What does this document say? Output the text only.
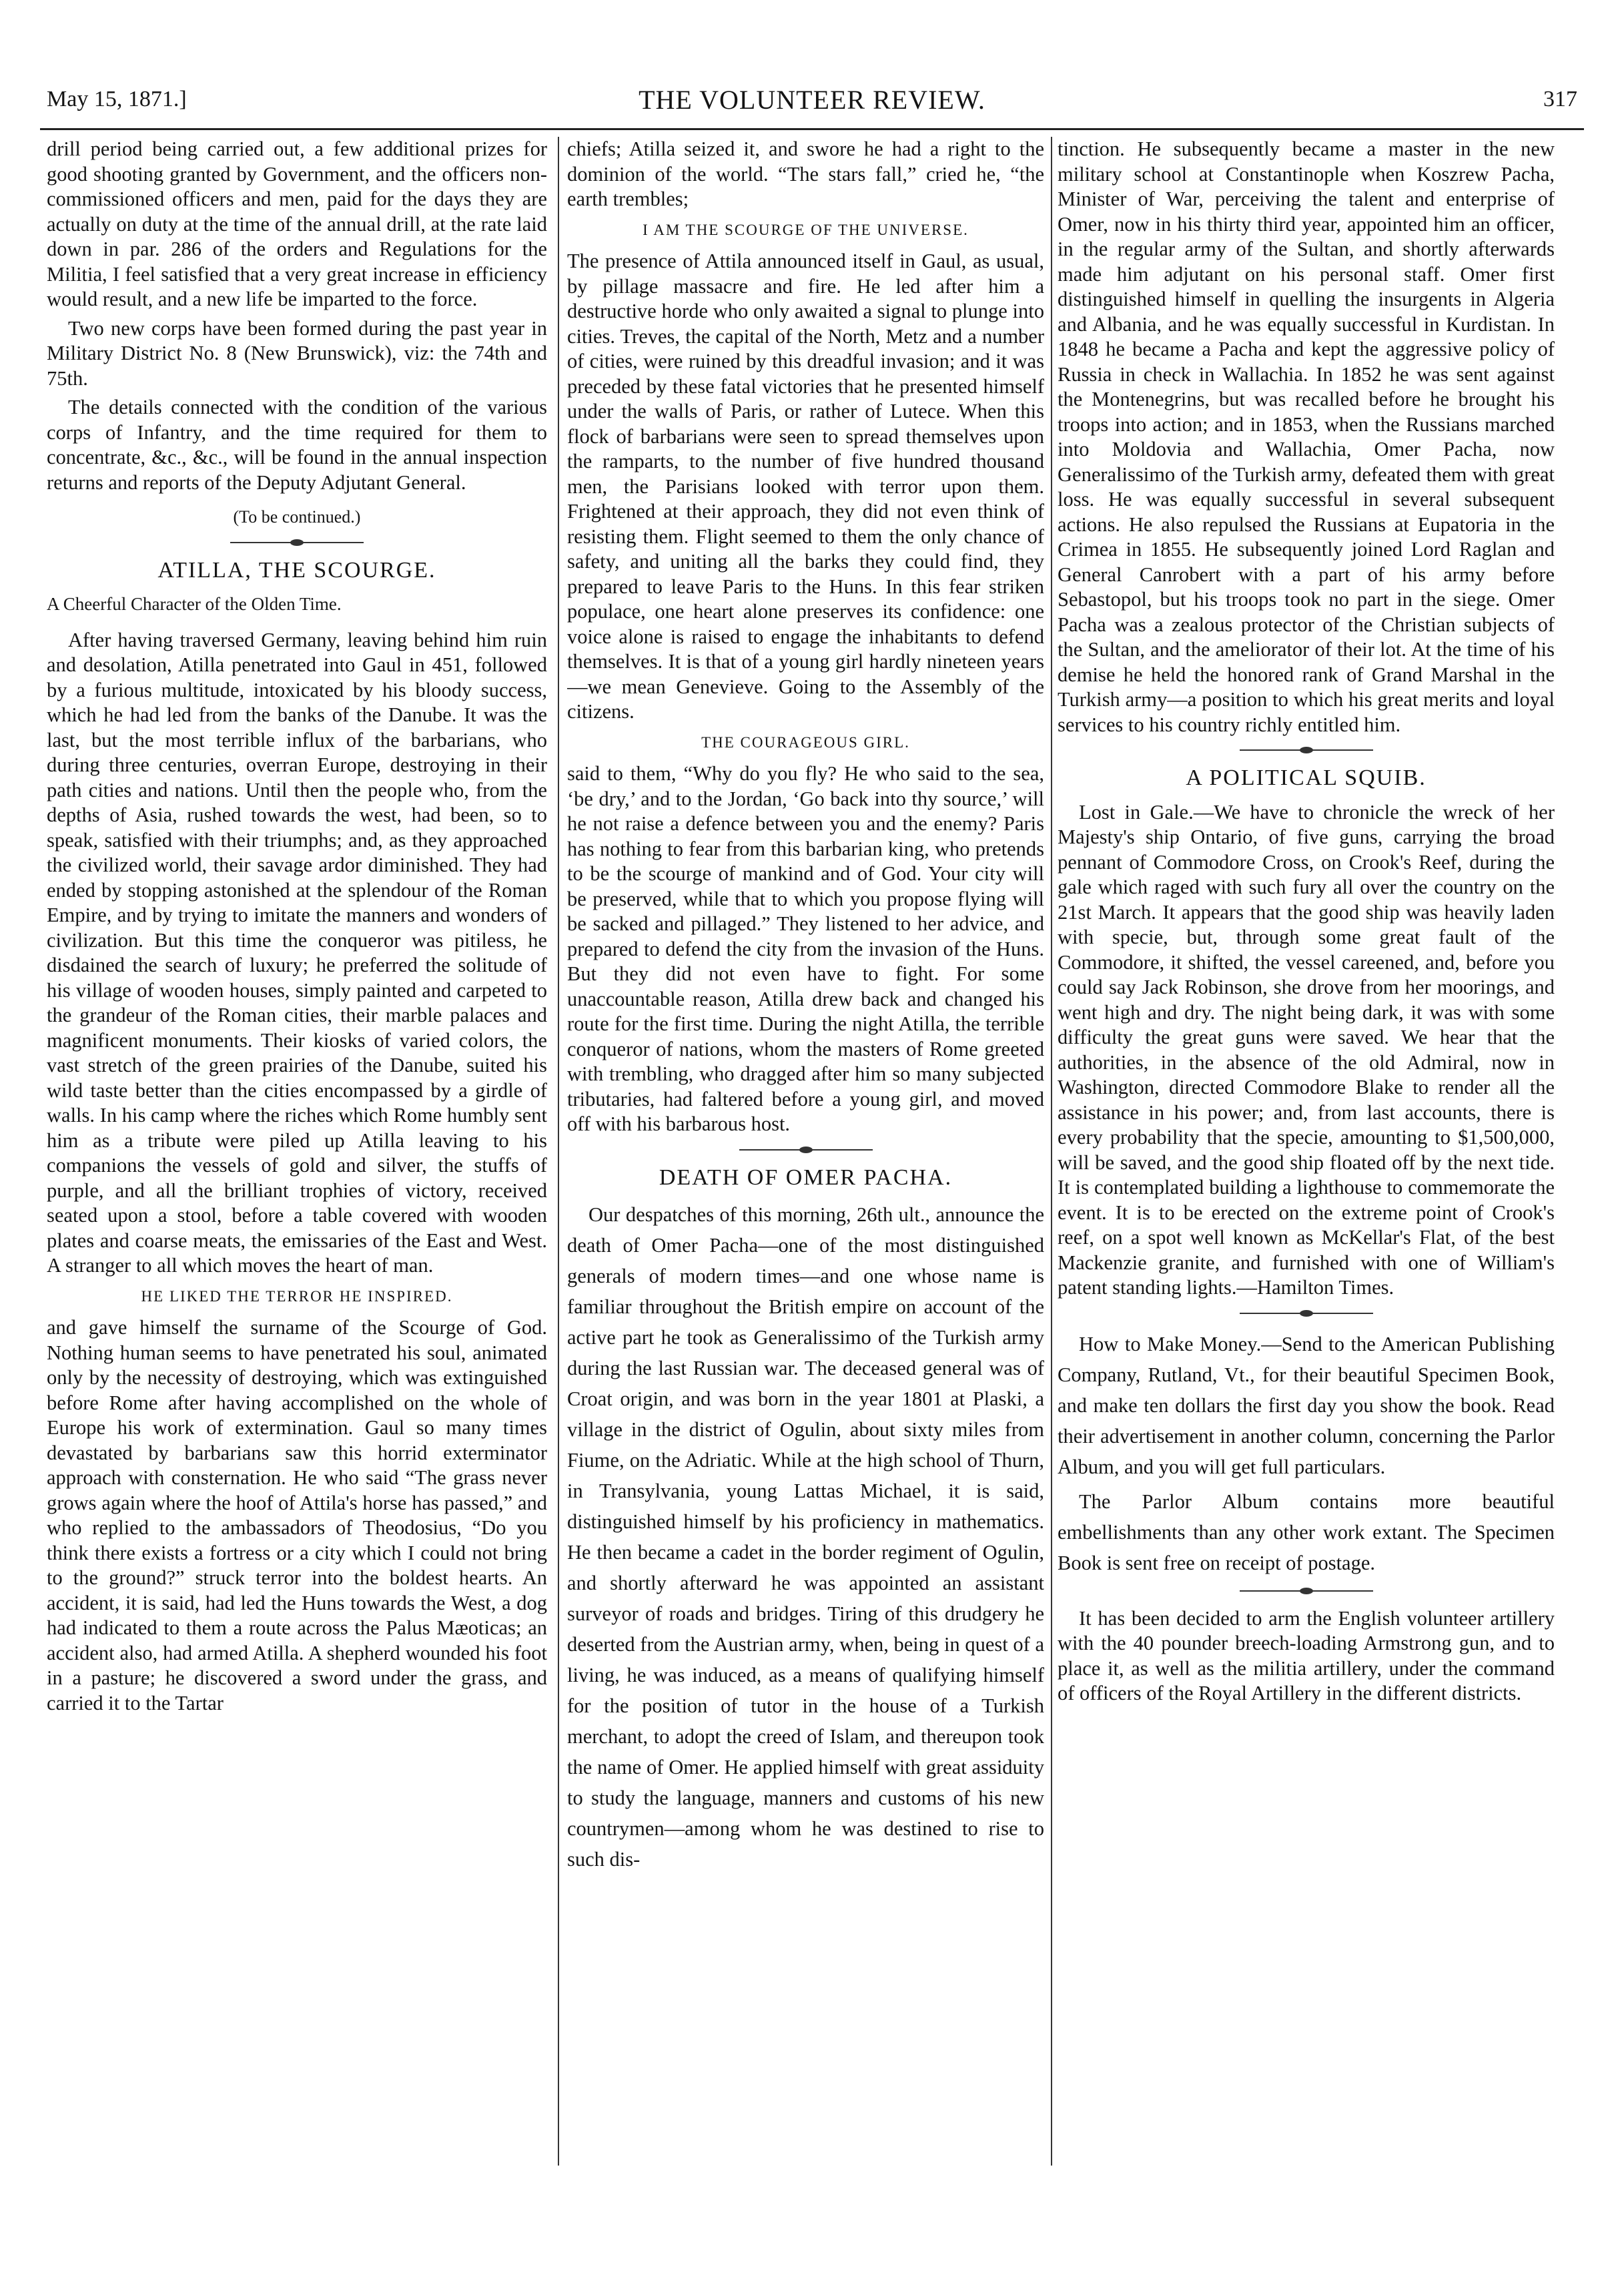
May 15, 1871.]	THE VOLUNTEER REVIEW.	317

drill period being carried out, a few additional prizes for good shooting granted by Government, and the officers non-commissioned officers and men, paid for the days they are actually on duty at the time of the annual drill, at the rate laid down in par. 286 of the orders and Regulations for the Militia, I feel satisfied that a very great increase in efficiency would result, and a new life be imparted to the force.

Two new corps have been formed during the past year in Military District No. 8 (New Brunswick), viz: the 74th and 75th.

The details connected with the condition of the various corps of Infantry, and the time required for them to concentrate, &c., &c., will be found in the annual inspection returns and reports of the Deputy Adjutant General.

(To be continued.)
ATILLA, THE SCOURGE.
A Cheerful Character of the Olden Time.

After having traversed Germany, leaving behind him ruin and desolation, Atilla penetrated into Gaul in 451, followed by a furious multitude, intoxicated by his bloody success, which he had led from the banks of the Danube. It was the last, but the most terrible influx of the barbarians, who during three centuries, overran Europe, destroying in their path cities and nations. Until then the people who, from the depths of Asia, rushed towards the west, had been, so to speak, satisfied with their triumphs; and, as they approached the civilized world, their savage ardor diminished. They had ended by stopping astonished at the splendour of the Roman Empire, and by trying to imitate the manners and wonders of civilization. But this time the conqueror was pitiless, he disdained the search of luxury; he preferred the solitude of his village of wooden houses, simply painted and carpeted to the grandeur of the Roman cities, their marble palaces and magnificent monuments. Their kiosks of varied colors, the vast stretch of the green prairies of the Danube, suited his wild taste better than the cities encompassed by a girdle of walls. In his camp where the riches which Rome humbly sent him as a tribute were piled up Atilla leaving to his companions the vessels of gold and silver, the stuffs of purple, and all the brilliant trophies of victory, received seated upon a stool, before a table covered with wooden plates and coarse meats, the emissaries of the East and West. A stranger to all which moves the heart of man.

HE LIKED THE TERROR HE INSPIRED.

and gave himself the surname of the Scourge of God. Nothing human seems to have penetrated his soul, animated only by the necessity of destroying, which was extinguished before Rome after having accomplished on the whole of Europe his work of extermination. Gaul so many times devastated by barbarians saw this horrid exterminator approach with consternation. He who said “The grass never grows again where the hoof of Attila's horse has passed,” and who replied to the ambassadors of Theodosius, “Do you think there exists a fortress or a city which I could not bring to the ground?” struck terror into the boldest hearts. An accident, it is said, had led the Huns towards the West, a dog had indicated to them a route across the Palus Mæoticas; an accident also, had armed Atilla. A shepherd wounded his foot in a pasture; he discovered a sword under the grass, and carried it to the Tartar

chiefs; Atilla seized it, and swore he had a right to the dominion of the world. “The stars fall,” cried he, “the earth trembles;

I AM THE SCOURGE OF THE UNIVERSE.

The presence of Attila announced itself in Gaul, as usual, by pillage massacre and fire. He led after him a destructive horde who only awaited a signal to plunge into cities. Treves, the capital of the North, Metz and a number of cities, were ruined by this dreadful invasion; and it was preceded by these fatal victories that he presented himself under the walls of Paris, or rather of Lutece. When this flock of barbarians were seen to spread themselves upon the ramparts, to the number of five hundred thousand men, the Parisians looked with terror upon them. Frightened at their approach, they did not even think of resisting them. Flight seemed to them the only chance of safety, and uniting all the barks they could find, they prepared to leave Paris to the Huns. In this fear striken populace, one heart alone preserves its confidence: one voice alone is raised to engage the inhabitants to defend themselves. It is that of a young girl hardly nineteen years—we mean Genevieve. Going to the Assembly of the citizens.

THE COURAGEOUS GIRL.

said to them, “Why do you fly? He who said to the sea, ‘be dry,’ and to the Jordan, ‘Go back into thy source,’ will he not raise a defence between you and the enemy? Paris has nothing to fear from this barbarian king, who pretends to be the scourge of mankind and of God. Your city will be preserved, while that to which you propose flying will be sacked and pillaged.” They listened to her advice, and prepared to defend the city from the invasion of the Huns. But they did not even have to fight. For some unaccountable reason, Atilla drew back and changed his route for the first time. During the night Atilla, the terrible conqueror of nations, whom the masters of Rome greeted with trembling, who dragged after him so many subjected tributaries, had faltered before a young girl, and moved off with his barbarous host.

DEATH OF OMER PACHA.

Our despatches of this morning, 26th ult., announce the death of Omer Pacha—one of the most distinguished generals of modern times—and one whose name is familiar throughout the British empire on account of the active part he took as Generalissimo of the Turkish army during the last Russian war. The deceased general was of Croat origin, and was born in the year 1801 at Plaski, a village in the district of Ogulin, about sixty miles from Fiume, on the Adriatic. While at the high school of Thurn, in Transylvania, young Lattas Michael, it is said, distinguished himself by his proficiency in mathematics. He then became a cadet in the border regiment of Ogulin, and shortly afterward he was appointed an assistant surveyor of roads and bridges. Tiring of this drudgery he deserted from the Austrian army, when, being in quest of a living, he was induced, as a means of qualifying himself for the position of tutor in the house of a Turkish merchant, to adopt the creed of Islam, and thereupon took the name of Omer. He applied himself with great assiduity to study the language, manners and customs of his new countrymen—among whom he was destined to rise to such dis-

tinction. He subsequently became a master in the new military school at Constantinople when Koszrew Pacha, Minister of War, perceiving the talent and enterprise of Omer, now in his thirty third year, appointed him an officer, in the regular army of the Sultan, and shortly afterwards made him adjutant on his personal staff. Omer first distinguished himself in quelling the insurgents in Algeria and Albania, and he was equally successful in Kurdistan. In 1848 he became a Pacha and kept the aggressive policy of Russia in check in Wallachia. In 1852 he was sent against the Montenegrins, but was recalled before he brought his troops into action; and in 1853, when the Russians marched into Moldovia and Wallachia, Omer Pacha, now Generalissimo of the Turkish army, defeated them with great loss. He was equally successful in several subsequent actions. He also repulsed the Russians at Eupatoria in the Crimea in 1855. He subsequently joined Lord Raglan and General Canrobert with a part of his army before Sebastopol, but his troops took no part in the siege. Omer Pacha was a zealous protector of the Christian subjects of the Sultan, and the ameliorator of their lot. At the time of his demise he held the honored rank of Grand Marshal in the Turkish army—a position to which his great merits and loyal services to his country richly entitled him.

A POLITICAL SQUIB.

Lost in Gale.—We have to chronicle the wreck of her Majesty's ship Ontario, of five guns, carrying the broad pennant of Commodore Cross, on Crook's Reef, during the gale which raged with such fury all over the country on the 21st March. It appears that the good ship was heavily laden with specie, but, through some great fault of the Commodore, it shifted, the vessel careened, and, before you could say Jack Robinson, she drove from her moorings, and went high and dry. The night being dark, it was with some difficulty the great guns were saved. We hear that the authorities, in the absence of the old Admiral, now in Washington, directed Commodore Blake to render all the assistance in his power; and, from last accounts, there is every probability that the specie, amounting to $1,500,000, will be saved, and the good ship floated off by the next tide. It is contemplated building a lighthouse to commemorate the event. It is to be erected on the extreme point of Crook's reef, on a spot well known as McKellar's Flat, of the best Mackenzie granite, and furnished with one of William's patent standing lights.—Hamilton Times.

How to Make Money.—Send to the American Publishing Company, Rutland, Vt., for their beautiful Specimen Book, and make ten dollars the first day you show the book. Read their advertisement in another column, concerning the Parlor Album, and you will get full particulars.

The Parlor Album contains more beautiful embellishments than any other work extant. The Specimen Book is sent free on receipt of postage.

It has been decided to arm the English volunteer artillery with the 40 pounder breech-loading Armstrong gun, and to place it, as well as the militia artillery, under the command of officers of the Royal Artillery in the different districts.
